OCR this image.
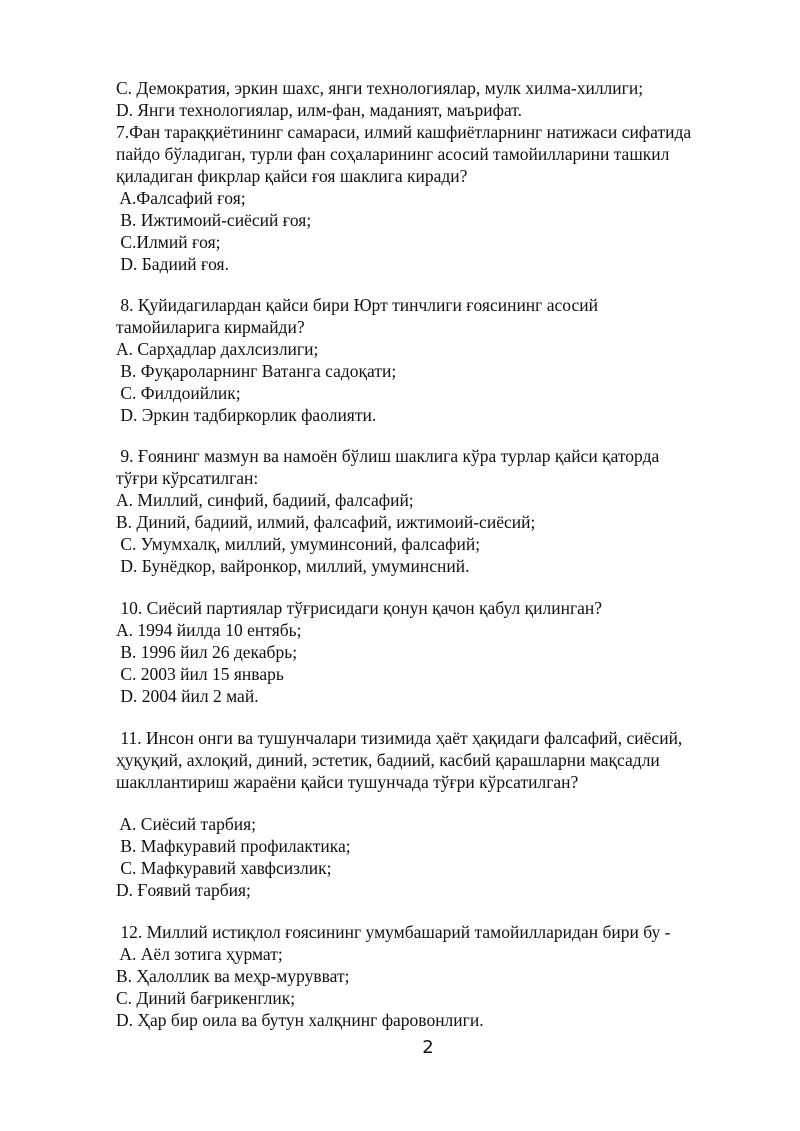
C. Демократия, эркин шахс, янги технологиялар, мулк хилма-хиллиги;
D. Янги технологиялар, илм-фан, маданият, маърифат.
7.Фан тараққиётининг самараси, илмий кашфиётларнинг натижаси сифатида
пайдо бўладиган, турли фан соҳаларининг асосий тамойилларини ташкил
қиладиган фикрлар қайси ғоя шаклига киради?
A.Фалсафий ғоя;
B. Ижтимоий-сиёсий ғоя;
C.Илмий ғоя;
D. Бадиий ғоя.
8. Қуйидагилардан қайси бири Юрт тинчлиги ғоясининг асосий
тамойиларига кирмайди?
A. Сарҳадлар дахлсизлиги;
B. Фуқароларнинг Ватанга садоқати;
C. Филдоийлик;
D. Эркин тадбиркорлик фаолияти.
9. Ғоянинг мазмун ва намоён бўлиш шаклига кўра турлар қайси қаторда
тўғри кўрсатилган:
A. Миллий, синфий, бадиий, фалсафий;
B. Диний, бадиий, илмий, фалсафий, ижтимоий-сиёсий;
C. Умумхалқ, миллий, умуминсоний, фалсафий;
D. Бунёдкор, вайронкор, миллий, умуминсний.
10. Сиёсий партиялар тўғрисидаги қонун қачон қабул қилинган?
A. 1994 йилда 10 ентябь;
B. 1996 йил 26 декабрь;
C. 2003 йил 15 январь
D. 2004 йил 2 май.
11. Инсон онги ва тушунчалари тизимида ҳаёт ҳақидаги фалсафий, сиёсий,
ҳуқуқий, ахлоқий, диний, эстетик, бадиий, касбий қарашларни мақсадли
шакллантириш жараёни қайси тушунчада тўғри кўрсатилган?
A. Сиёсий тарбия;
B. Мафкуравий профилактика;
C. Мафкуравий хавфсизлик;
D. Ғоявий тарбия;
12. Миллий истиқлол ғоясининг умумбашарий тамойилларидан бири бу -
A. Аёл зотига ҳурмат;
B. Ҳалоллик ва меҳр-мурувват;
C. Диний бағрикенглик;
D. Ҳар бир оила ва бутун халқнинг фаровонлиги.
2
